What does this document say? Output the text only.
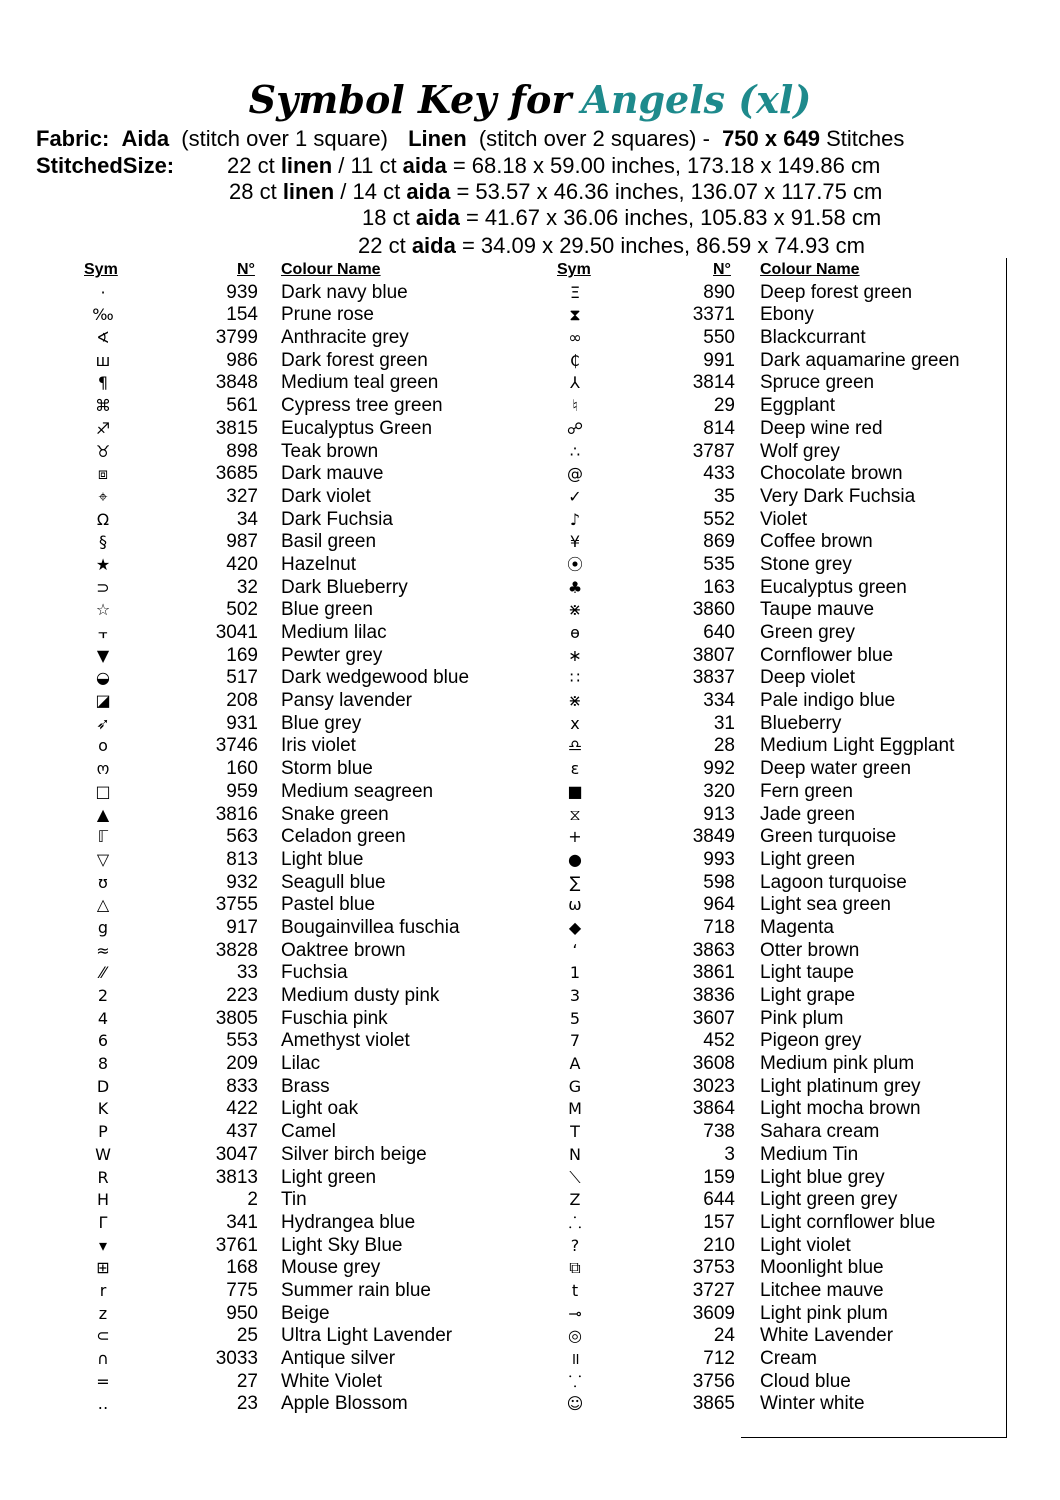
Symbol Key for Angels (xl)
Fabric: Aida (stitch over 1 square) Linen (stitch over 2 squares) - 750 x 649 Stitches
StitchedSize: 22 ct linen / 11 ct aida = 68.18 x 59.00 inches, 173.18 x 149.86 cm
28 ct linen / 14 ct aida = 53.57 x 46.36 inches, 136.07 x 117.75 cm
18 ct aida = 41.67 x 36.06 inches, 105.83 x 91.58 cm
22 ct aida = 34.09 x 29.50 inches, 86.59 x 74.93 cm
Sym	N° Colour Name
·	939 Dark navy blue
‰	154 Prune rose
∢	3799 Anthracite grey
ш	986 Dark forest green
¶	3848 Medium teal green
⌘	561 Cypress tree green
♐	3815 Eucalyptus Green
♉	898 Teak brown
⧈	3685 Dark mauve
⌖	327 Dark violet
Ω	34 Dark Fuchsia
§	987 Basil green
★	420 Hazelnut
⊃	32 Dark Blueberry
☆	502 Blue green
⫟	3041 Medium lilac
▼	169 Pewter grey
◒	517 Dark wedgewood blue
◪	208 Pansy lavender
➶	931 Blue grey
o	3746 Iris violet
ო	160 Storm blue
□	959 Medium seagreen
▲	3816 Snake green
ℾ	563 Celadon green
▽	813 Light blue
ʊ	932 Seagull blue
△	3755 Pastel blue
g	917 Bougainvillea fuschia
≈	3828 Oaktree brown
⁄⁄	33 Fuchsia
2	223 Medium dusty pink
4	3805 Fuschia pink
6	553 Amethyst violet
8	209 Lilac
D	833 Brass
K	422 Light oak
P	437 Camel
W	3047 Silver birch beige
R	3813 Light green
H	2 Tin
Γ	341 Hydrangea blue
▾	3761 Light Sky Blue
⊞	168 Mouse grey
r	775 Summer rain blue
z	950 Beige
⊂	25 Ultra Light Lavender
∩	3033 Antique silver
=	27 White Violet
‥	23 Apple Blossom
Sym	N° Colour Name
Ξ	890 Deep forest green
⧗	3371 Ebony
∞	550 Blackcurrant
₵	991 Dark aquamarine green
⅄	3814 Spruce green
♮	29 Eggplant
☍	814 Deep wine red
∴	3787 Wolf grey
@	433 Chocolate brown
✓	35 Very Dark Fuchsia
♪	552 Violet
¥	869 Coffee brown
⦿	535 Stone grey
♣	163 Eucalyptus green
⋇	3860 Taupe mauve
ɵ	640 Green grey
∗	3807 Cornflower blue
∷	3837 Deep violet
⋇	334 Pale indigo blue
x	31 Blueberry
♎	28 Medium Light Eggplant
ε	992 Deep water green
■	320 Fern green
⧖	913 Jade green
+	3849 Green turquoise
●	993 Light green
∑	598 Lagoon turquoise
ω	964 Light sea green
◆	718 Magenta
ʻ	3863 Otter brown
1	3861 Light taupe
3	3836 Light grape
5	3607 Pink plum
7	452 Pigeon grey
A	3608 Medium pink plum
G	3023 Light platinum grey
M	3864 Light mocha brown
T	738 Sahara cream
N	3 Medium Tin
⟍	159 Light blue grey
Z	644 Light green grey
⸫	157 Light cornflower blue
?	210 Light violet
⧉	3753 Moonlight blue
t	3727 Litchee mauve
⊸	3609 Light pink plum
◎	24 White Lavender
॥	712 Cream
⸪	3756 Cloud blue
☺	3865 Winter white
